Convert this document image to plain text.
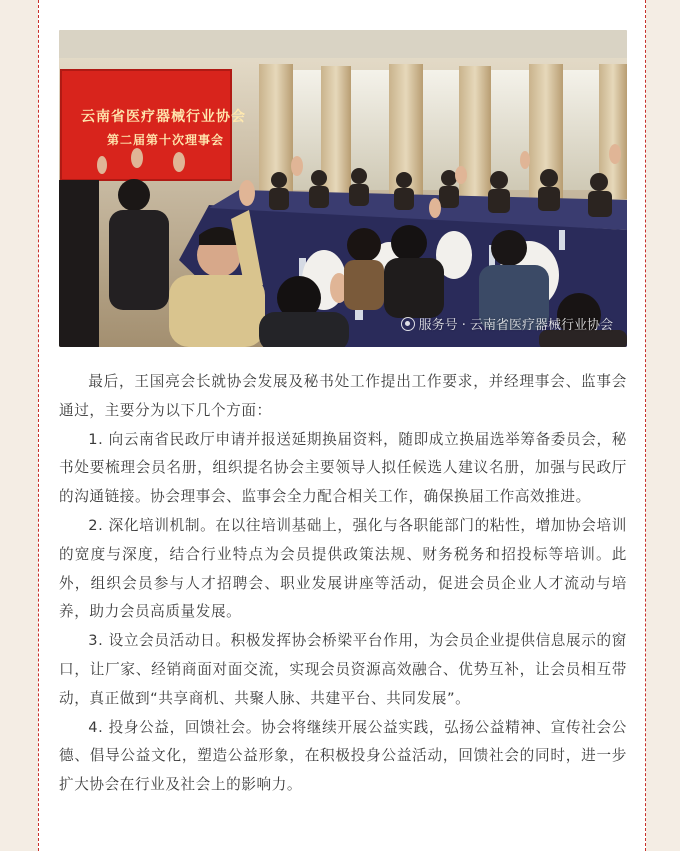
云南省医疗器械行业协会
第二届第十次理事会
服务号 · 云南省医疗器械行业协会

最后，王国亮会长就协会发展及秘书处工作提出工作要求，并经理事会、监事会通过，主要分为以下几个方面：

1. 向云南省民政厅申请并报送延期换届资料，随即成立换届选举筹备委员会，秘书处要梳理会员名册，组织提名协会主要领导人拟任候选人建议名册，加强与民政厅的沟通链接。协会理事会、监事会全力配合相关工作，确保换届工作高效推进。

2. 深化培训机制。在以往培训基础上，强化与各职能部门的粘性，增加协会培训的宽度与深度，结合行业特点为会员提供政策法规、财务税务和招投标等培训。此外，组织会员参与人才招聘会、职业发展讲座等活动，促进会员企业人才流动与培养，助力会员高质量发展。

3. 设立会员活动日。积极发挥协会桥梁平台作用，为会员企业提供信息展示的窗口，让厂家、经销商面对面交流，实现会员资源高效融合、优势互补，让会员相互带动，真正做到“共享商机、共聚人脉、共建平台、共同发展”。

4. 投身公益，回馈社会。协会将继续开展公益实践，弘扬公益精神、宣传社会公德、倡导公益文化，塑造公益形象，在积极投身公益活动，回馈社会的同时，进一步扩大协会在行业及社会上的影响力。
